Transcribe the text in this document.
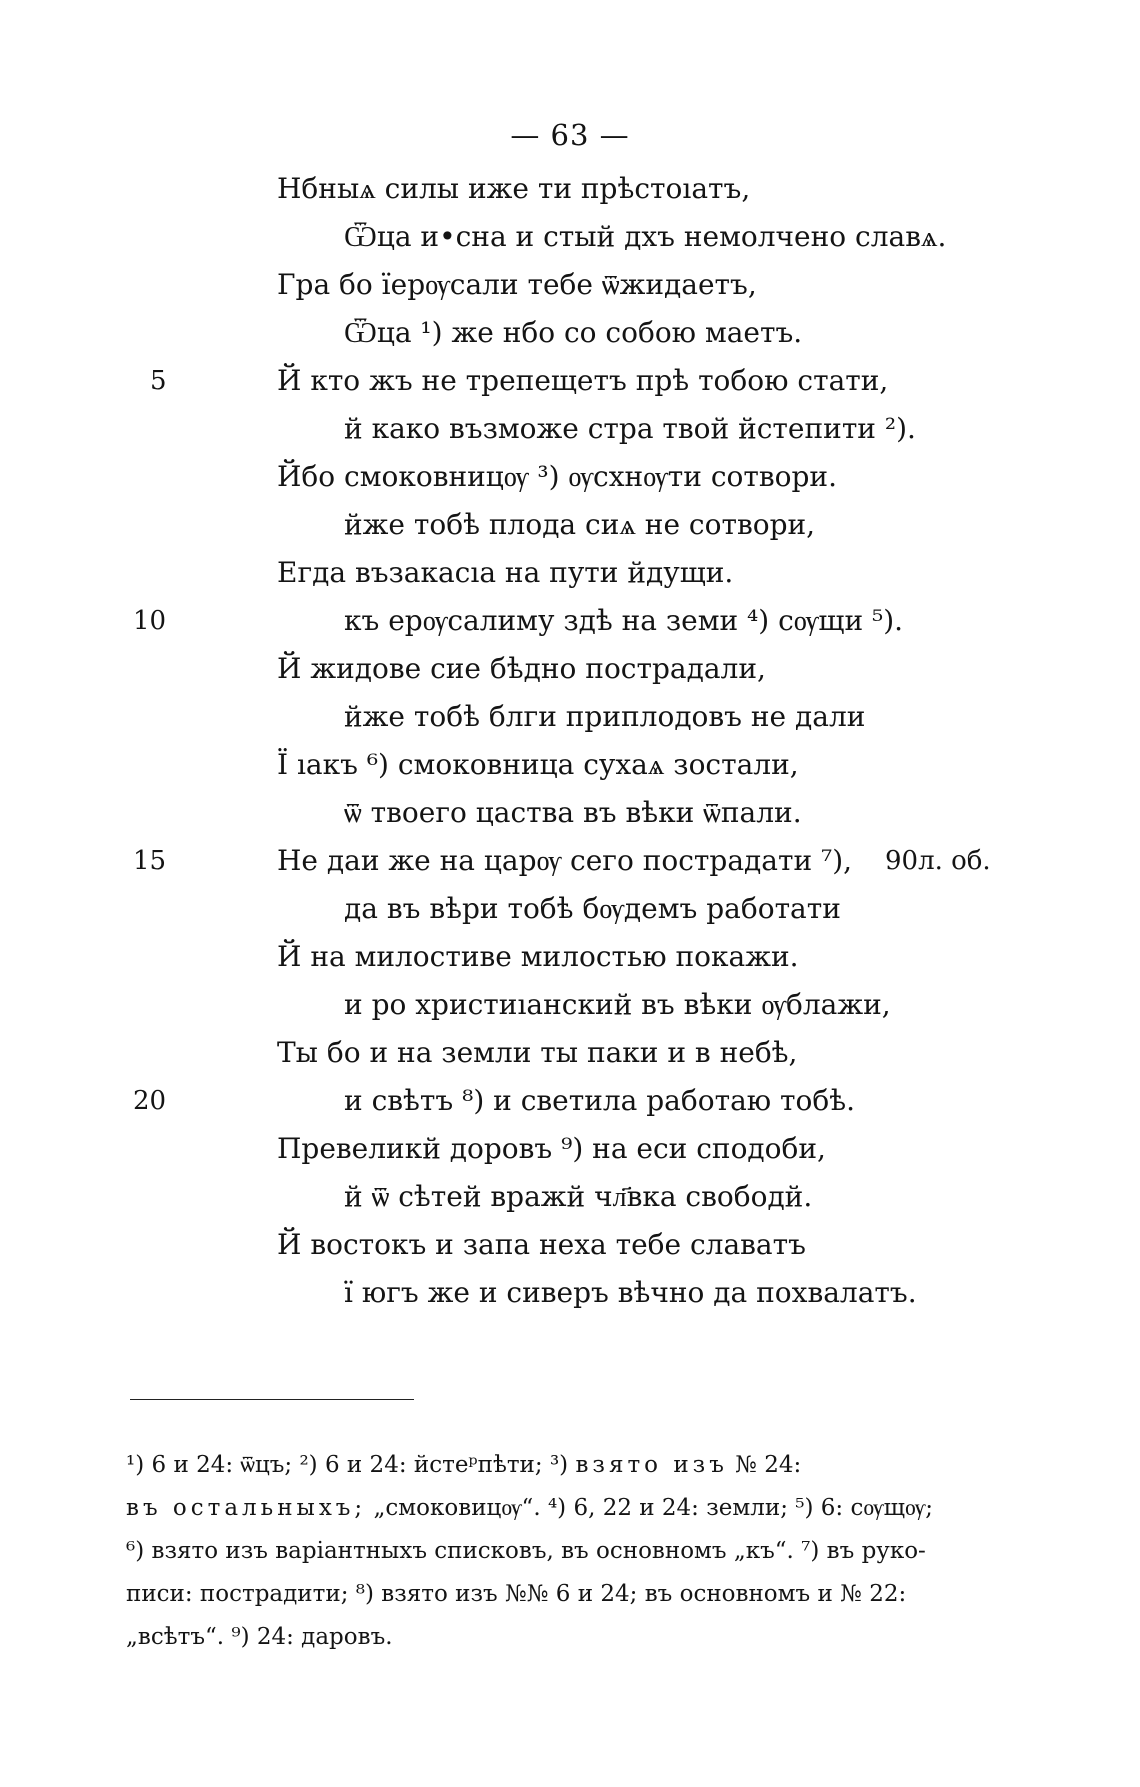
— 63 —
Нбныѧ силы иже ти прѣстоıатъ,
Ѿца и•сна и стый дхъ немолчено славѧ.
Гра бо їерѹсали тебе ѿжидаетъ,
Ѿца ¹) же нбо со собою маетъ.
Й кто жъ не трепещетъ прѣ тобою стати,
й како възможе стра твой йстепити ²).
Йбо смоковницѹ ³) ѹсхнѹти сотвори.
йже тобѣ плода сиѧ не сотвори,
Егда възакасıа на пути йдущи.
къ ерѹсалиму здѣ на земи ⁴) сѹщи ⁵).
Й жидове сие бѣдно пострадали,
йже тобѣ блги приплодовъ не дали
Ї ıакъ ⁶) смоковница сухаѧ зостали,
ѿ твоего цаства въ вѣки ѿпали.
Не даи же на царѹ сего пострадати ⁷),
да въ вѣри тобѣ бѹдемъ работати
Й на милостиве милостью покажи.
и ро христиıанский въ вѣки ѹблажи,
Ты бо и на земли ты паки и в небѣ,
и свѣтъ ⁸) и светила работаю тобѣ.
Превеликй доровъ ⁹) на еси сподоби,
й ѿ сѣтей вражй чл҃вка свободй.
Й востокъ и запа неха тебе славатъ
ї югъ же и сиверъ вѣчно да похвалатъ.
5
10
15
20
90л. об.
¹) 6 и 24: ѿцъ; ²) 6 и 24: йстеᵖпѣти; ³) взято изъ № 24:
въ остальныхъ; „смоковицѹ“. ⁴) 6, 22 и 24: земли; ⁵) 6: сѹщѹ;
⁶) взято изъ варіантныхъ списковъ, въ основномъ „къ“. ⁷) въ руко-
писи: пострадити; ⁸) взято изъ №№ 6 и 24; въ основномъ и № 22:
„всѣтъ“. ⁹) 24: даровъ.
